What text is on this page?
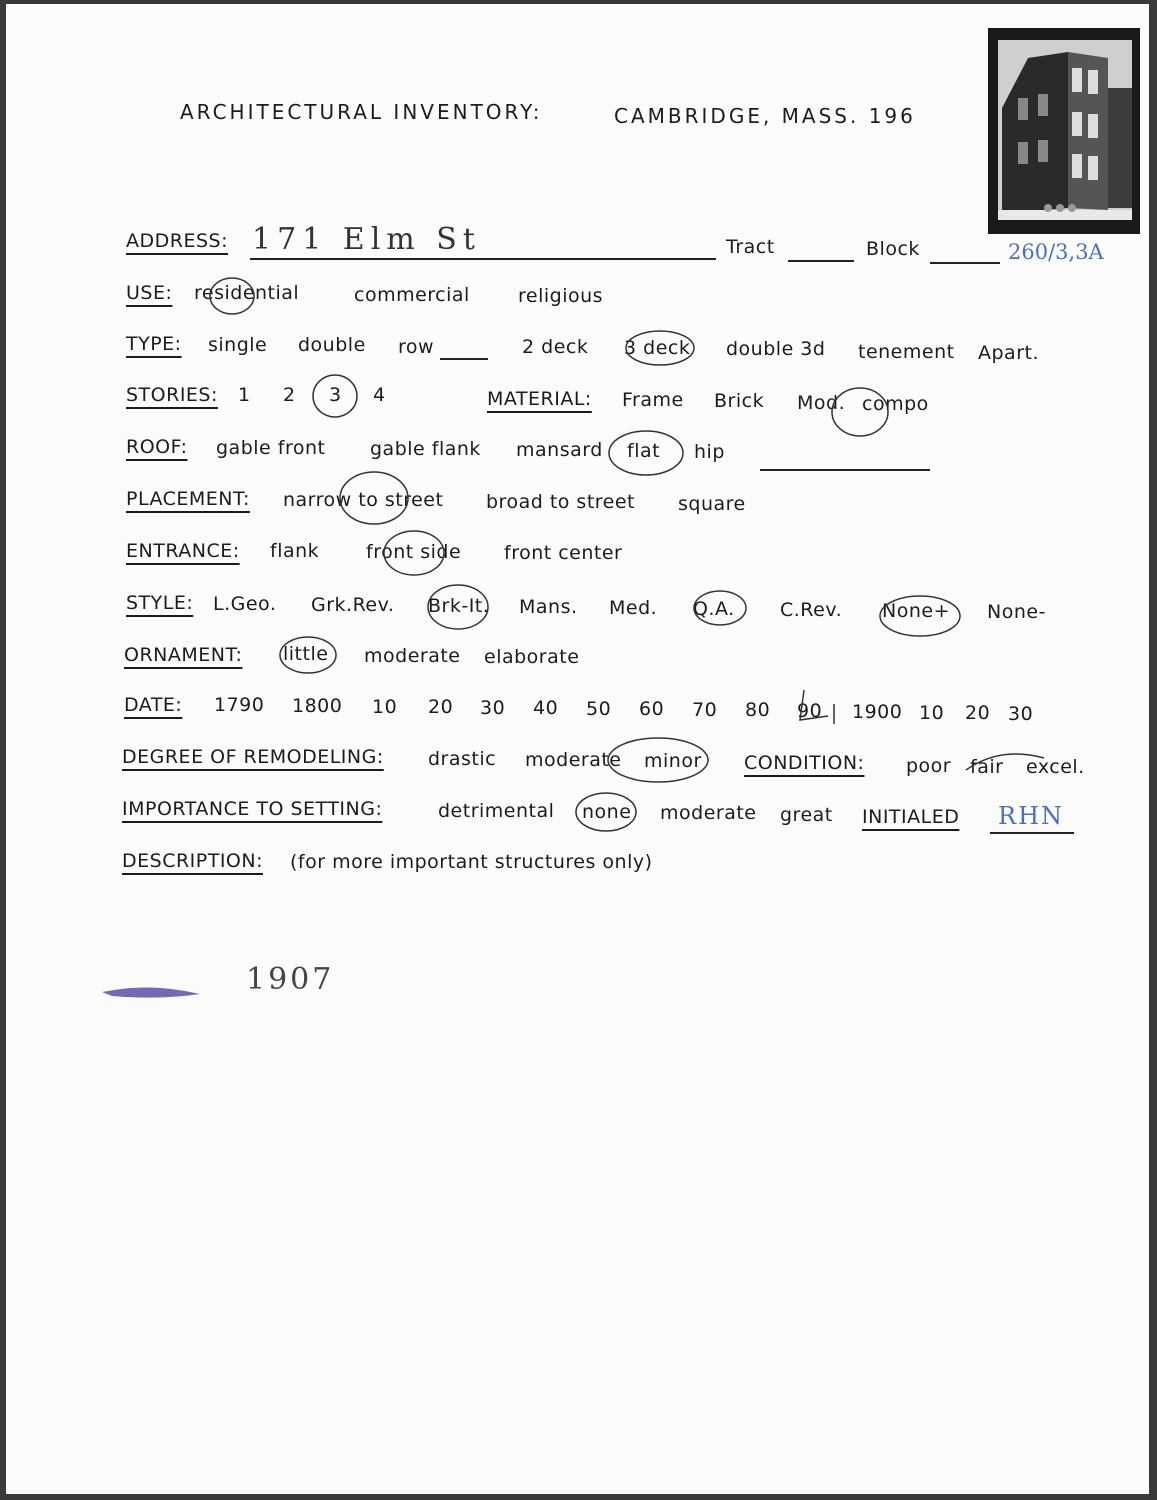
ARCHITECTURAL INVENTORY:	CAMBRIDGE, MASS. 196
ADDRESS: 171 Elm St	Tract	Block	260/3,3A
USE: residential	commercial	religious
TYPE: single double row	2 deck 3 deck double 3d tenement Apart.
STORIES: 1 2 3 4	MATERIAL: Frame Brick Mod. compo
ROOF: gable front gable flank mansard flat hip
PLACEMENT: narrow to street broad to street square
ENTRANCE: flank front side front center
STYLE: L.Geo. Grk.Rev. Brk-It. Mans. Med. Q.A. C.Rev. None+ None-
ORNAMENT: little moderate elaborate
DATE: 1790 1800 10 20 30 40 50 60 70 80 90 1900 10 20 30
DEGREE OF REMODELING: drastic moderate minor CONDITION: poor fair excel.
IMPORTANCE TO SETTING:	detrimental none moderate great INITIALED RHN
DESCRIPTION: (for more important structures only)
1907
